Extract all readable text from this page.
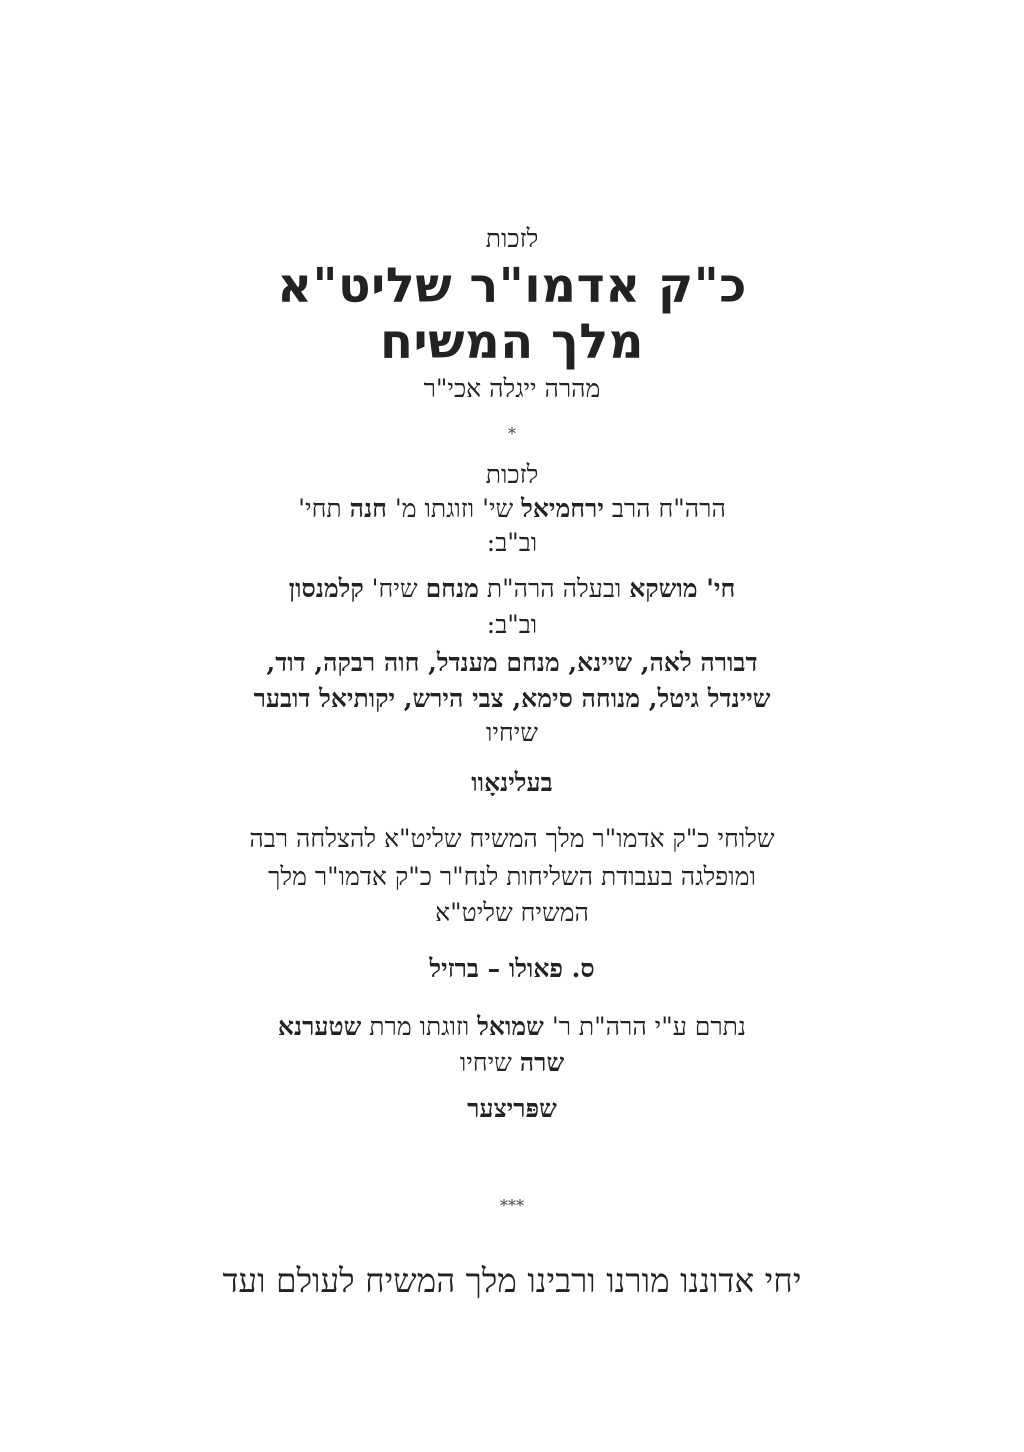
לזכות
כ"ק אדמו"ר שליט"א
מלך המשיח
מהרה ייגלה אכי"ר
*
לזכות
הרה"ח הרב ירחמיאל שי' וזוגתו מ' חנה תחי'
וב"ב:
חי' מושקא ובעלה הרה"ת מנחם שיח' קלמנסון
וב"ב:
דבורה לאה, שיינא, מנחם מענדל, חוה רבקה, דוד,
שיינדל גיטל, מנוחה סימא, צבי הירש, יקותיאל דובער
שיחיו
בעלינאָוו
שלוחי כ"ק אדמו"ר מלך המשיח שליט"א להצלחה רבה
ומופלגה בעבודת השליחות לנח"ר כ"ק אדמו"ר מלך
המשיח שליט"א
ס. פאולו – ברזיל
נתרם ע"י הרה"ת ר' שמואל וזוגתו מרת שטערנא
שרה שיחיו
שפּריצער
***
יחי אדוננו מורנו ורבינו מלך המשיח לעולם ועד
